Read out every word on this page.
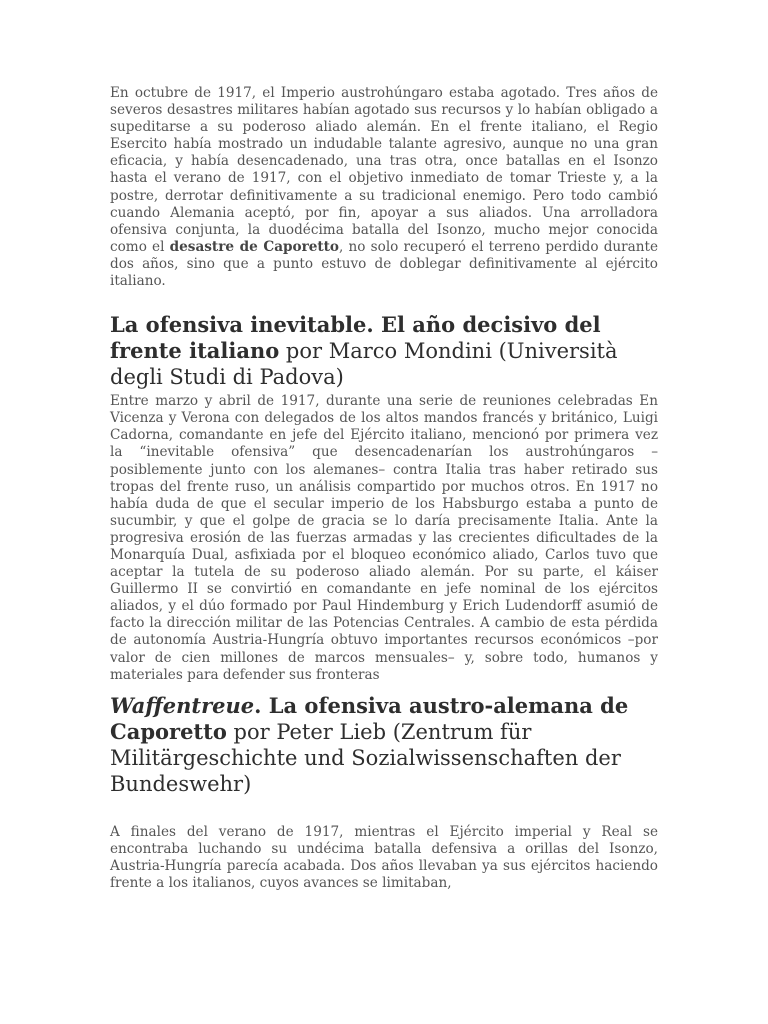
En octubre de 1917, el Imperio austrohúngaro estaba agotado. Tres años de severos desastres militares habían agotado sus recursos y lo habían obligado a supeditarse a su poderoso aliado alemán. En el frente italiano, el Regio Esercito había mostrado un indudable talante agresivo, aunque no una gran eficacia, y había desencadenado, una tras otra, once batallas en el Isonzo hasta el verano de 1917, con el objetivo inmediato de tomar Trieste y, a la postre, derrotar definitivamente a su tradicional enemigo. Pero todo cambió cuando Alemania aceptó, por fin, apoyar a sus aliados. Una arrolladora ofensiva conjunta, la duodécima batalla del Isonzo, mucho mejor conocida como el desastre de Caporetto, no solo recuperó el terreno perdido durante dos años, sino que a punto estuvo de doblegar definitivamente al ejército italiano.

La ofensiva inevitable. El año decisivo del frente italiano por Marco Mondini (Università degli Studi di Padova)

Entre marzo y abril de 1917, durante una serie de reuniones celebradas En Vicenza y Verona con delegados de los altos mandos francés y británico, Luigi Cadorna, comandante en jefe del Ejército italiano, mencionó por primera vez la “inevitable ofensiva” que desencadenarían los austrohúngaros –posiblemente junto con los alemanes– contra Italia tras haber retirado sus tropas del frente ruso, un análisis compartido por muchos otros. En 1917 no había duda de que el secular imperio de los Habsburgo estaba a punto de sucumbir, y que el golpe de gracia se lo daría precisamente Italia. Ante la progresiva erosión de las fuerzas armadas y las crecientes dificultades de la Monarquía Dual, asfixiada por el bloqueo económico aliado, Carlos tuvo que aceptar la tutela de su poderoso aliado alemán. Por su parte, el káiser Guillermo II se convirtió en comandante en jefe nominal de los ejércitos aliados, y el dúo formado por Paul Hindemburg y Erich Ludendorff asumió de facto la dirección militar de las Potencias Centrales. A cambio de esta pérdida de autonomía Austria-Hungría obtuvo importantes recursos económicos –por valor de cien millones de marcos mensuales– y, sobre todo, humanos y materiales para defender sus fronteras

Waffentreue. La ofensiva austro-alemana de Caporetto por Peter Lieb (Zentrum für Militärgeschichte und Sozialwissenschaften der Bundeswehr)

A finales del verano de 1917, mientras el Ejército imperial y Real se encontraba luchando su undécima batalla defensiva a orillas del Isonzo, Austria-Hungría parecía acabada. Dos años llevaban ya sus ejércitos haciendo frente a los italianos, cuyos avances se limitaban,
